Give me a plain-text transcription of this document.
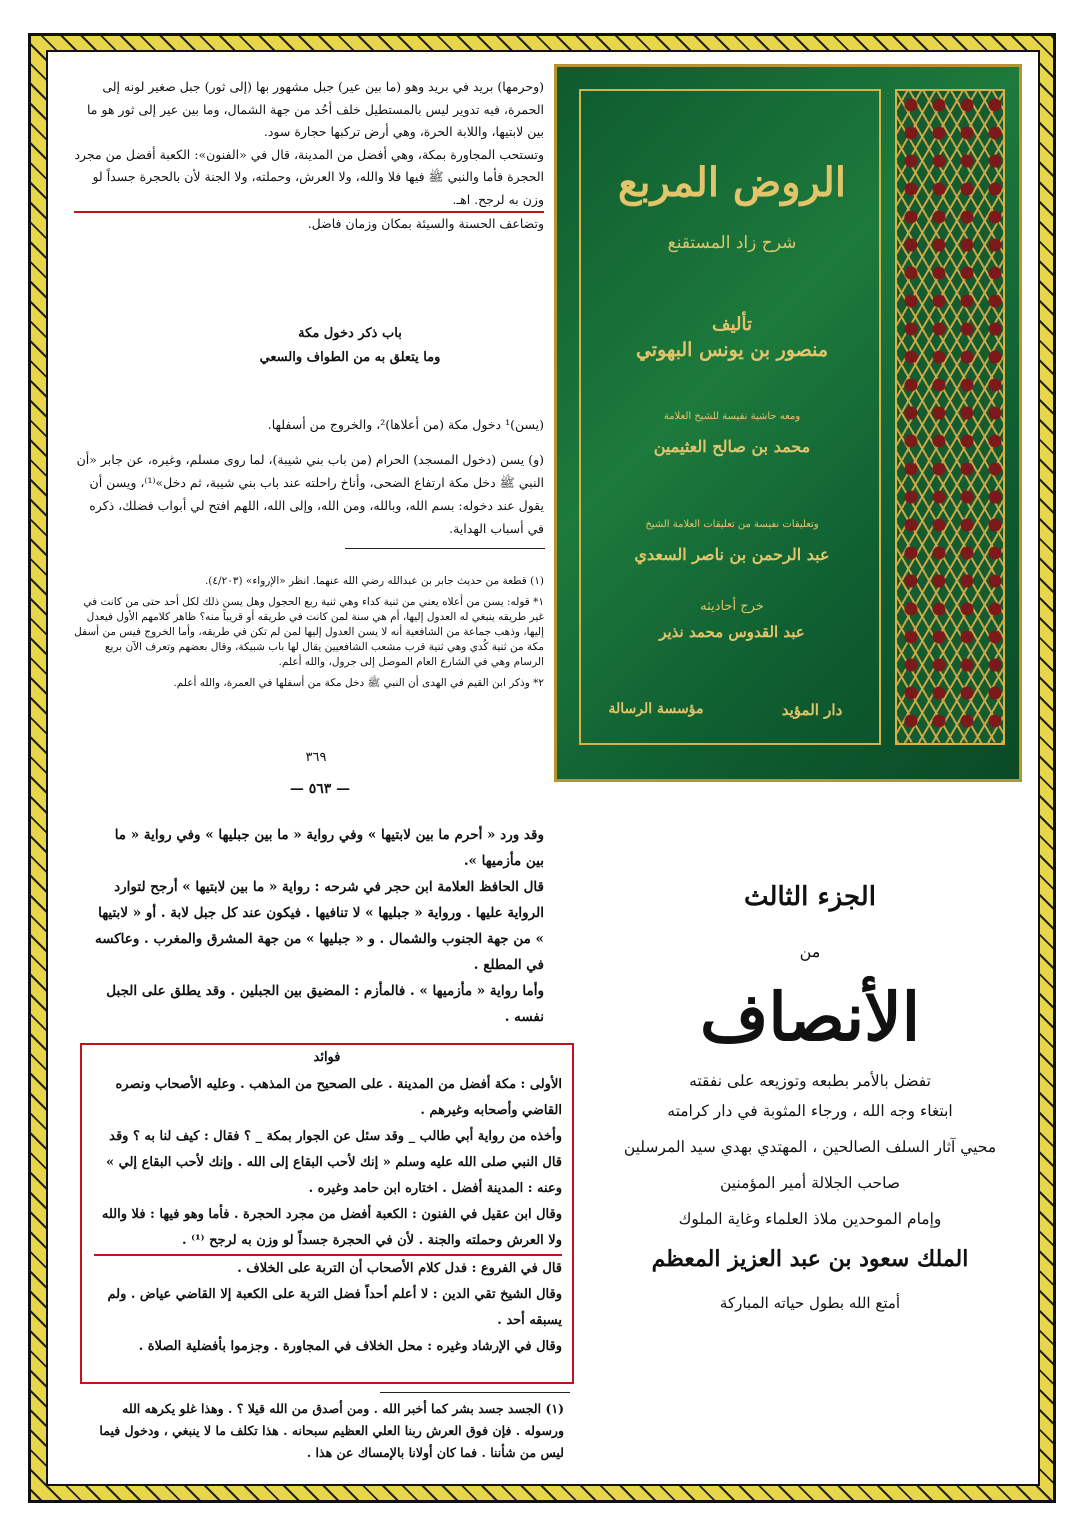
(وحرمها) بريد في بريد وهو (ما بين عير) جبل مشهور بها (إلى ثور) جبل صغير لونه إلى الحمرة، فيه تدوير ليس بالمستطيل خلف أحُد من جهة الشمال، وما بين عير إلى ثور هو ما بين لابتيها، واللابة الحرة، وهي أرض تركبها حجارة سود.

وتستحب المجاورة بمكة، وهي أفضل من المدينة، قال في «الفنون»: الكعبة أفضل من مجرد الحجرة فأما والنبي ﷺ فيها فلا والله، ولا العرش، وحملته، ولا الجنة لأن بالحجرة جسداً لو وزن به لرجح. اهـ.

وتضاعف الحسنة والسيئة بمكان وزمان فاضل.

باب ذكر دخول مكة
وما يتعلق به من الطواف والسعي

(يسن)¹ دخول مكة (من أعلاها)²، والخروج من أسفلها.

(و) يسن (دخول المسجد) الحرام (من باب بني شيبة)، لما روى مسلم، وغيره، عن جابر «أن النبي ﷺ دخل مكة ارتفاع الضحى، وأناخ راحلته عند باب بني شيبة، ثم دخل»⁽¹⁾، ويسن أن يقول عند دخوله: بسم الله، وبالله، ومن الله، وإلى الله، اللهم افتح لي أبواب فضلك، ذكره في أسباب الهداية.

(١) قطعة من حديث جابر بن عبدالله رضي الله عنهما. انظر «الإرواء» (٤/٢٠٣).

١* قوله: يسن من أعلاه يعني من ثنية كداء وهي ثنية ربع الحجول وهل يسن ذلك لكل أحد حتى من كانت في غير طريقه ينبغي له العدول إليها، أم هي سنة لمن كانت في طريقه أو قريباً منه؟ ظاهر كلامهم الأول فيعدل إليها، وذهب جماعة من الشافعية أنه لا يسن العدول إليها لمن لم تكن في طريقه، وأما الخروج فيس من أسفل مكة من ثنية كُدي وهي ثنية قرب مشعب الشافعيين يقال لها باب شبيكة، وقال بعضهم وتعرف الآن بريع الرسام وهي في الشارع العام الموصل إلى جرول، والله أعلم.

٢* وذكر ابن القيم في الهدى أن النبي ﷺ دخل مكة من أسفلها في العمرة، والله أعلم.

٣٦٩
الروض المربع
شرح زاد المستقنع
تأليف
منصور بن يونس البهوتي
ومعه حاشية نفيسة للشيخ العلامة
محمد بن صالح العثيمين
وتعليقات نفيسة من تعليقات العلامة الشيخ
عبد الرحمن بن ناصر السعدي
خرج أحاديثه
عبد القدوس محمد نذير
دار المؤيد
مؤسسة الرسالة
— ٥٦٣ —

وقد ورد « أحرم ما بين لابتيها » وفي رواية « ما بين جبليها » وفي رواية « ما بين مأزميها ».

قال الحافظ العلامة ابن حجر في شرحه : رواية « ما بين لابتيها » أرجح لتوارد الرواية عليها . ورواية « جبليها » لا تنافيها . فيكون عند كل جبل لابة . أو « لابتيها » من جهة الجنوب والشمال . و « جبليها » من جهة المشرق والمغرب . وعاكسه في المطلع .

وأما رواية « مأزميها » . فالمأزم : المضيق بين الجبلين . وقد يطلق على الجبل نفسه .

فوائد

الأولى : مكة أفضل من المدينة . على الصحيح من المذهب . وعليه الأصحاب ونصره القاضي وأصحابه وغيرهم .

وأخذه من رواية أبي طالب _ وقد سئل عن الجوار بمكة _ ؟ فقال : كيف لنا به ؟ وقد قال النبي صلى الله عليه وسلم « إنك لأحب البقاع إلى الله . وإنك لأحب البقاع إلي » وعنه : المدينة أفضل . اختاره ابن حامد وغيره .

وقال ابن عقيل في الفنون : الكعبة أفضل من مجرد الحجرة . فأما وهو فيها : فلا والله ولا العرش وحملته والجنة . لأن في الحجرة جسداً لو وزن به لرجح ⁽¹⁾ .

قال في الفروع : فدل كلام الأصحاب أن التربة على الخلاف .

وقال الشيخ تقي الدين : لا أعلم أحداً فضل التربة على الكعبة إلا القاضي عياض . ولم يسبقه أحد .

وقال في الإرشاد وغيره : محل الخلاف في المجاورة . وجزموا بأفضلية الصلاة .

(١) الجسد جسد بشر كما أخبر الله . ومن أصدق من الله قيلا ؟ . وهذا غلو يكرهه الله ورسوله . فإن فوق العرش ربنا العلي العظيم سبحانه . هذا تكلف ما لا ينبغي ، ودخول فيما ليس من شأننا . فما كان أولانا بالإمساك عن هذا .

الجزء الثالث
من
الأنصاف
تفضل بالأمر بطبعه وتوزيعه على نفقته
ابتغاء وجه الله ، ورجاء المثوبة في دار كرامته
محيي آثار السلف الصالحين ، المهتدي بهدي سيد المرسلين
صاحب الجلالة أمير المؤمنين
وإمام الموحدين ملاذ العلماء وغاية الملوك
الملك سعود بن عبد العزيز المعظم
أمتع الله بطول حياته المباركة
